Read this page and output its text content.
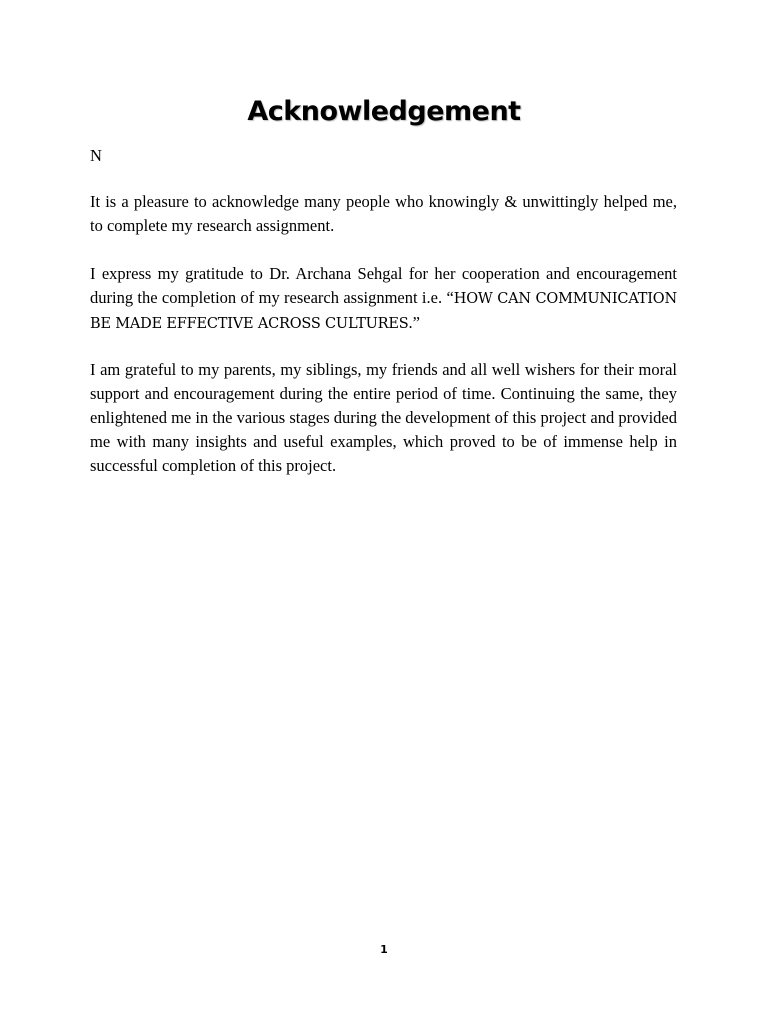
Acknowledgement

N

It is a pleasure to acknowledge many people who knowingly & unwittingly helped me, to complete my research assignment.

I express my gratitude to Dr. Archana Sehgal for her cooperation and encouragement during the completion of my research assignment i.e. “HOW CAN COMMUNICATION BE MADE EFFECTIVE ACROSS CULTURES.”

I am grateful to my parents, my siblings, my friends and all well wishers for their moral support and encouragement during the entire period of time. Continuing the same, they enlightened me in the various stages during the development of this project and provided me with many insights and useful examples, which proved to be of immense help in successful completion of this project.

1
